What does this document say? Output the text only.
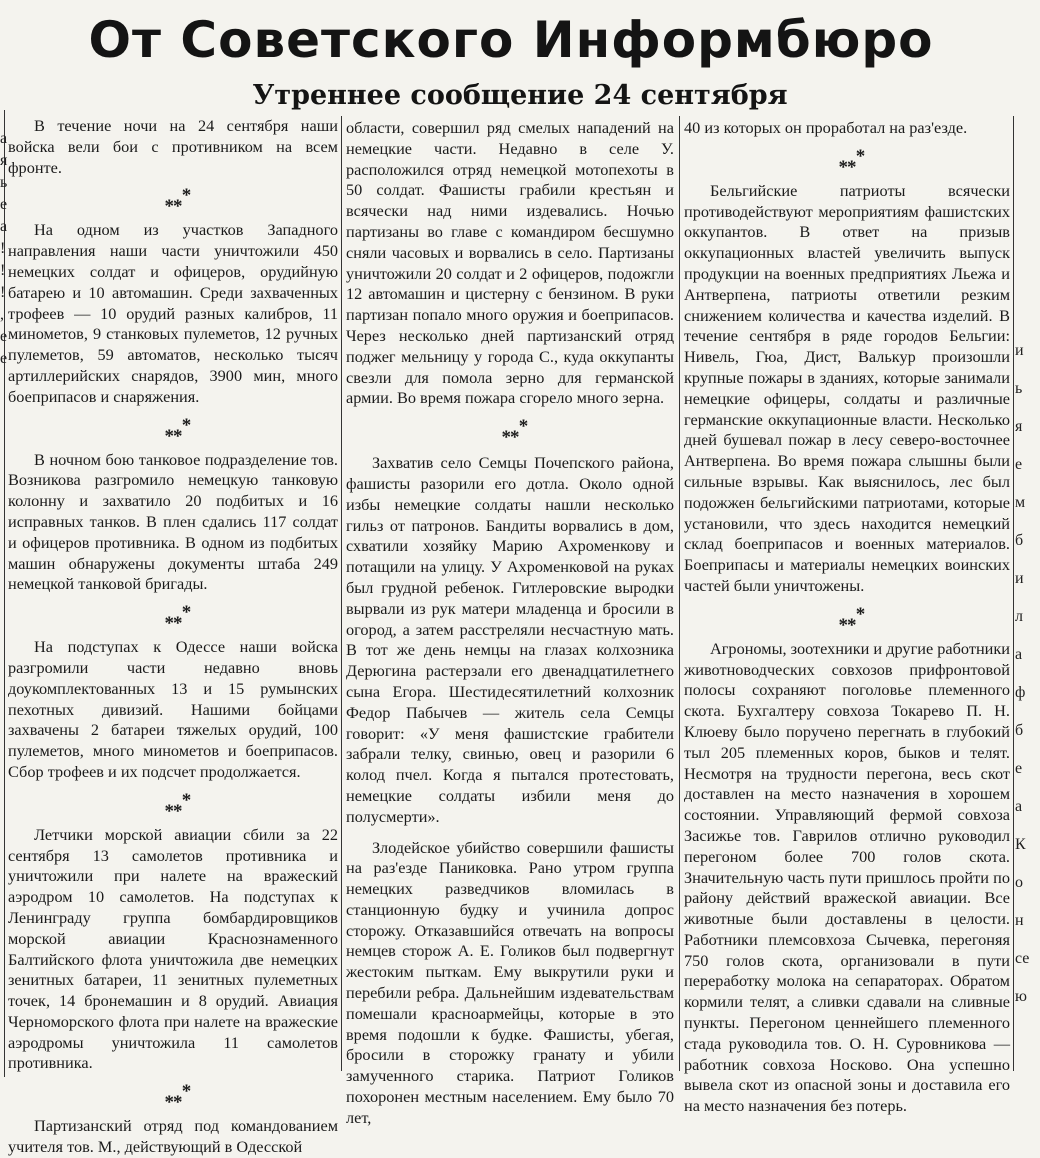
От Советского Информбюро
Утреннее сообщение 24 сентября

В течение ночи на 24 сентября наши войска вели бои с противником на всем фронте.

*
**

На одном из участков Западного направления наши части уничтожили 450 немецких солдат и офицеров, орудийную батарею и 10 автомашин. Среди захваченных трофеев — 10 орудий разных калибров, 11 минометов, 9 станковых пулеметов, 12 ручных пулеметов, 59 автоматов, несколько тысяч артиллерийских снарядов, 3900 мин, много боеприпасов и снаряжения.

*
**

В ночном бою танковое подразделение тов. Возникова разгромило немецкую танковую колонну и захватило 20 подбитых и 16 исправных танков. В плен сдались 117 солдат и офицеров противника. В одном из подбитых машин обнаружены документы штаба 249 немецкой танковой бригады.

*
**

На подступах к Одессе наши войска разгромили части недавно вновь доукомплектованных 13 и 15 румынских пехотных дивизий. Нашими бойцами захвачены 2 батареи тяжелых орудий, 100 пулеметов, много минометов и боеприпасов. Сбор трофеев и их подсчет продолжается.

*
**

Летчики морской авиации сбили за 22 сентября 13 самолетов противника и уничтожили при налете на вражеский аэродром 10 самолетов. На подступах к Ленинграду группа бомбардировщиков морской авиации Краснознаменного Балтийского флота уничтожила две немецких зенитных батареи, 11 зенитных пулеметных точек, 14 бронемашин и 8 орудий. Авиация Черноморского флота при налете на вражеские аэродромы уничтожила 11 самолетов противника.

*
**

Партизанский отряд под командованием учителя тов. М., действующий в Одесской

области, совершил ряд смелых нападений на немецкие части. Недавно в селе У. расположился отряд немецкой мотопехоты в 50 солдат. Фашисты грабили крестьян и всячески над ними издевались. Ночью партизаны во главе с командиром бесшумно сняли часовых и ворвались в село. Партизаны уничтожили 20 солдат и 2 офицеров, подожгли 12 автомашин и цистерну с бензином. В руки партизан попало много оружия и боеприпасов. Через несколько дней партизанский отряд поджег мельницу у города С., куда оккупанты свезли для помола зерно для германской армии. Во время пожара сгорело много зерна.

*
**

Захватив село Семцы Почепского района, фашисты разорили его дотла. Около одной избы немецкие солдаты нашли несколько гильз от патронов. Бандиты ворвались в дом, схватили хозяйку Марию Ахроменкову и потащили на улицу. У Ахроменковой на руках был грудной ребенок. Гитлеровские выродки вырвали из рук матери младенца и бросили в огород, а затем расстреляли несчастную мать. В тот же день немцы на глазах колхозника Дерюгина растерзали его двенадцатилетнего сына Егора. Шестидесятилетний колхозник Федор Пабычев — житель села Семцы говорит: «У меня фашистские грабители забрали телку, свинью, овец и разорили 6 колод пчел. Когда я пытался протестовать, немецкие солдаты избили меня до полусмерти».

Злодейское убийство совершили фашисты на раз'езде Паниковка. Рано утром группа немецких разведчиков вломилась в станционную будку и учинила допрос сторожу. Отказавшийся отвечать на вопросы немцев сторож А. Е. Голиков был подвергнут жестоким пыткам. Ему выкрутили руки и перебили ребра. Дальнейшим издевательствам помешали красноармейцы, которые в это время подошли к будке. Фашисты, убегая, бросили в сторожку гранату и убили замученного старика. Патриот Голиков похоронен местным населением. Ему было 70 лет,

40 из которых он проработал на раз'езде.

*
**

Бельгийские патриоты всячески противодействуют мероприятиям фашистских оккупантов. В ответ на призыв оккупационных властей увеличить выпуск продукции на военных предприятиях Льежа и Антверпена, патриоты ответили резким снижением количества и качества изделий. В течение сентября в ряде городов Бельгии: Нивель, Гюа, Дист, Валькур произошли крупные пожары в зданиях, которые занимали немецкие офицеры, солдаты и различные германские оккупационные власти. Несколько дней бушевал пожар в лесу северо-восточнее Антверпена. Во время пожара слышны были сильные взрывы. Как выяснилось, лес был подожжен бельгийскими патриотами, которые установили, что здесь находится немецкий склад боеприпасов и военных материалов. Боеприпасы и материалы немецких воинских частей были уничтожены.

*
**

Агрономы, зоотехники и другие работники животноводческих совхозов прифронтовой полосы сохраняют поголовье племенного скота. Бухгалтеру совхоза Токарево П. Н. Клюеву было поручено перегнать в глубокий тыл 205 племенных коров, быков и телят. Несмотря на трудности перегона, весь скот доставлен на место назначения в хорошем состоянии. Управляющий фермой совхоза Засижье тов. Гаврилов отлично руководил перегоном более 700 голов скота. Значительную часть пути пришлось пройти по району действий вражеской авиации. Все животные были доставлены в целости. Работники племсовхоза Сычевка, перегоняя 750 голов скота, организовали в пути переработку молока на сепараторах. Обратом кормили телят, а сливки сдавали на сливные пункты. Перегоном ценнейшего племенного стада руководила тов. О. Н. Суровникова — работник совхоза Носково. Она успешно вывела скот из опасной зоны и доставила его на место назначения без потерь.

а
я
ь
е
а
!
!
!
,
е
е	и
ь
я
е
м
б
и
л
а
ф
б
е
а
К
о
н
се
ю
